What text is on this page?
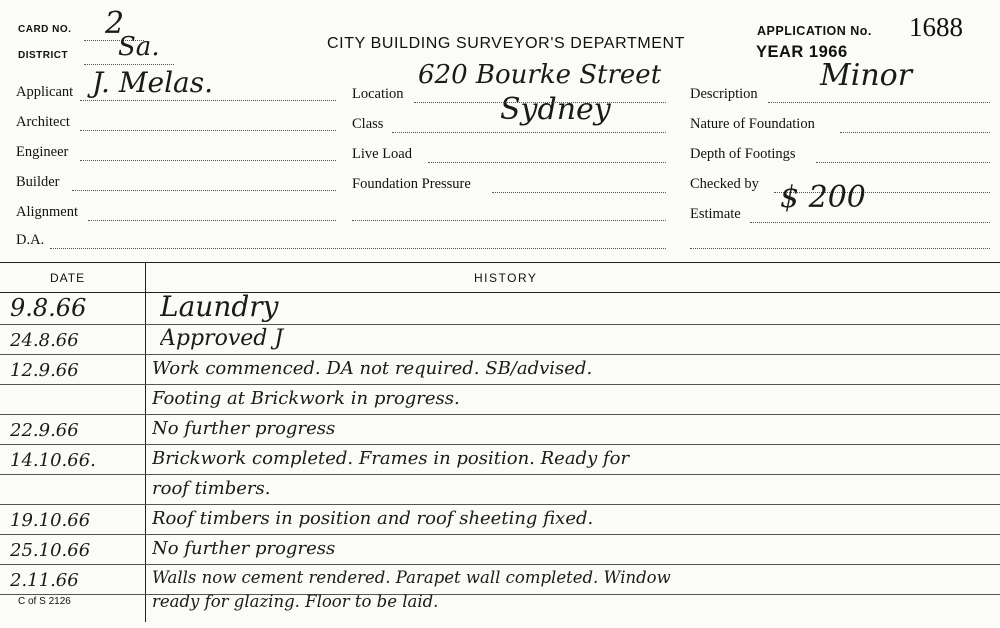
CARD NO. 2
DISTRICT Sa.	CITY BUILDING SURVEYOR'S DEPARTMENT
APPLICATION No. 1688
YEAR 1966
Applicant J. Melas.
Architect
Engineer
Builder
Alignment
D.A.
Location
620 Bourke Street
Sydney
Class
Live Load
Foundation Pressure
Description
Minor
Nature of Foundation
Depth of Footings
Checked by
Estimate $ 200
DATE	HISTORY
9.8.66	Laundry
24.8.66	Approved J
12.9.66	Work commenced. DA not required. SB/advised.
Footing at Brickwork in progress.
22.9.66	No further progress
14.10.66.	Brickwork completed. Frames in position. Ready for
roof timbers.
19.10.66	Roof timbers in position and roof sheeting fixed.
25.10.66	No further progress
2.11.66	Walls now cement rendered. Parapet wall completed. Window
ready for glazing. Floor to be laid.
C of S 2126
